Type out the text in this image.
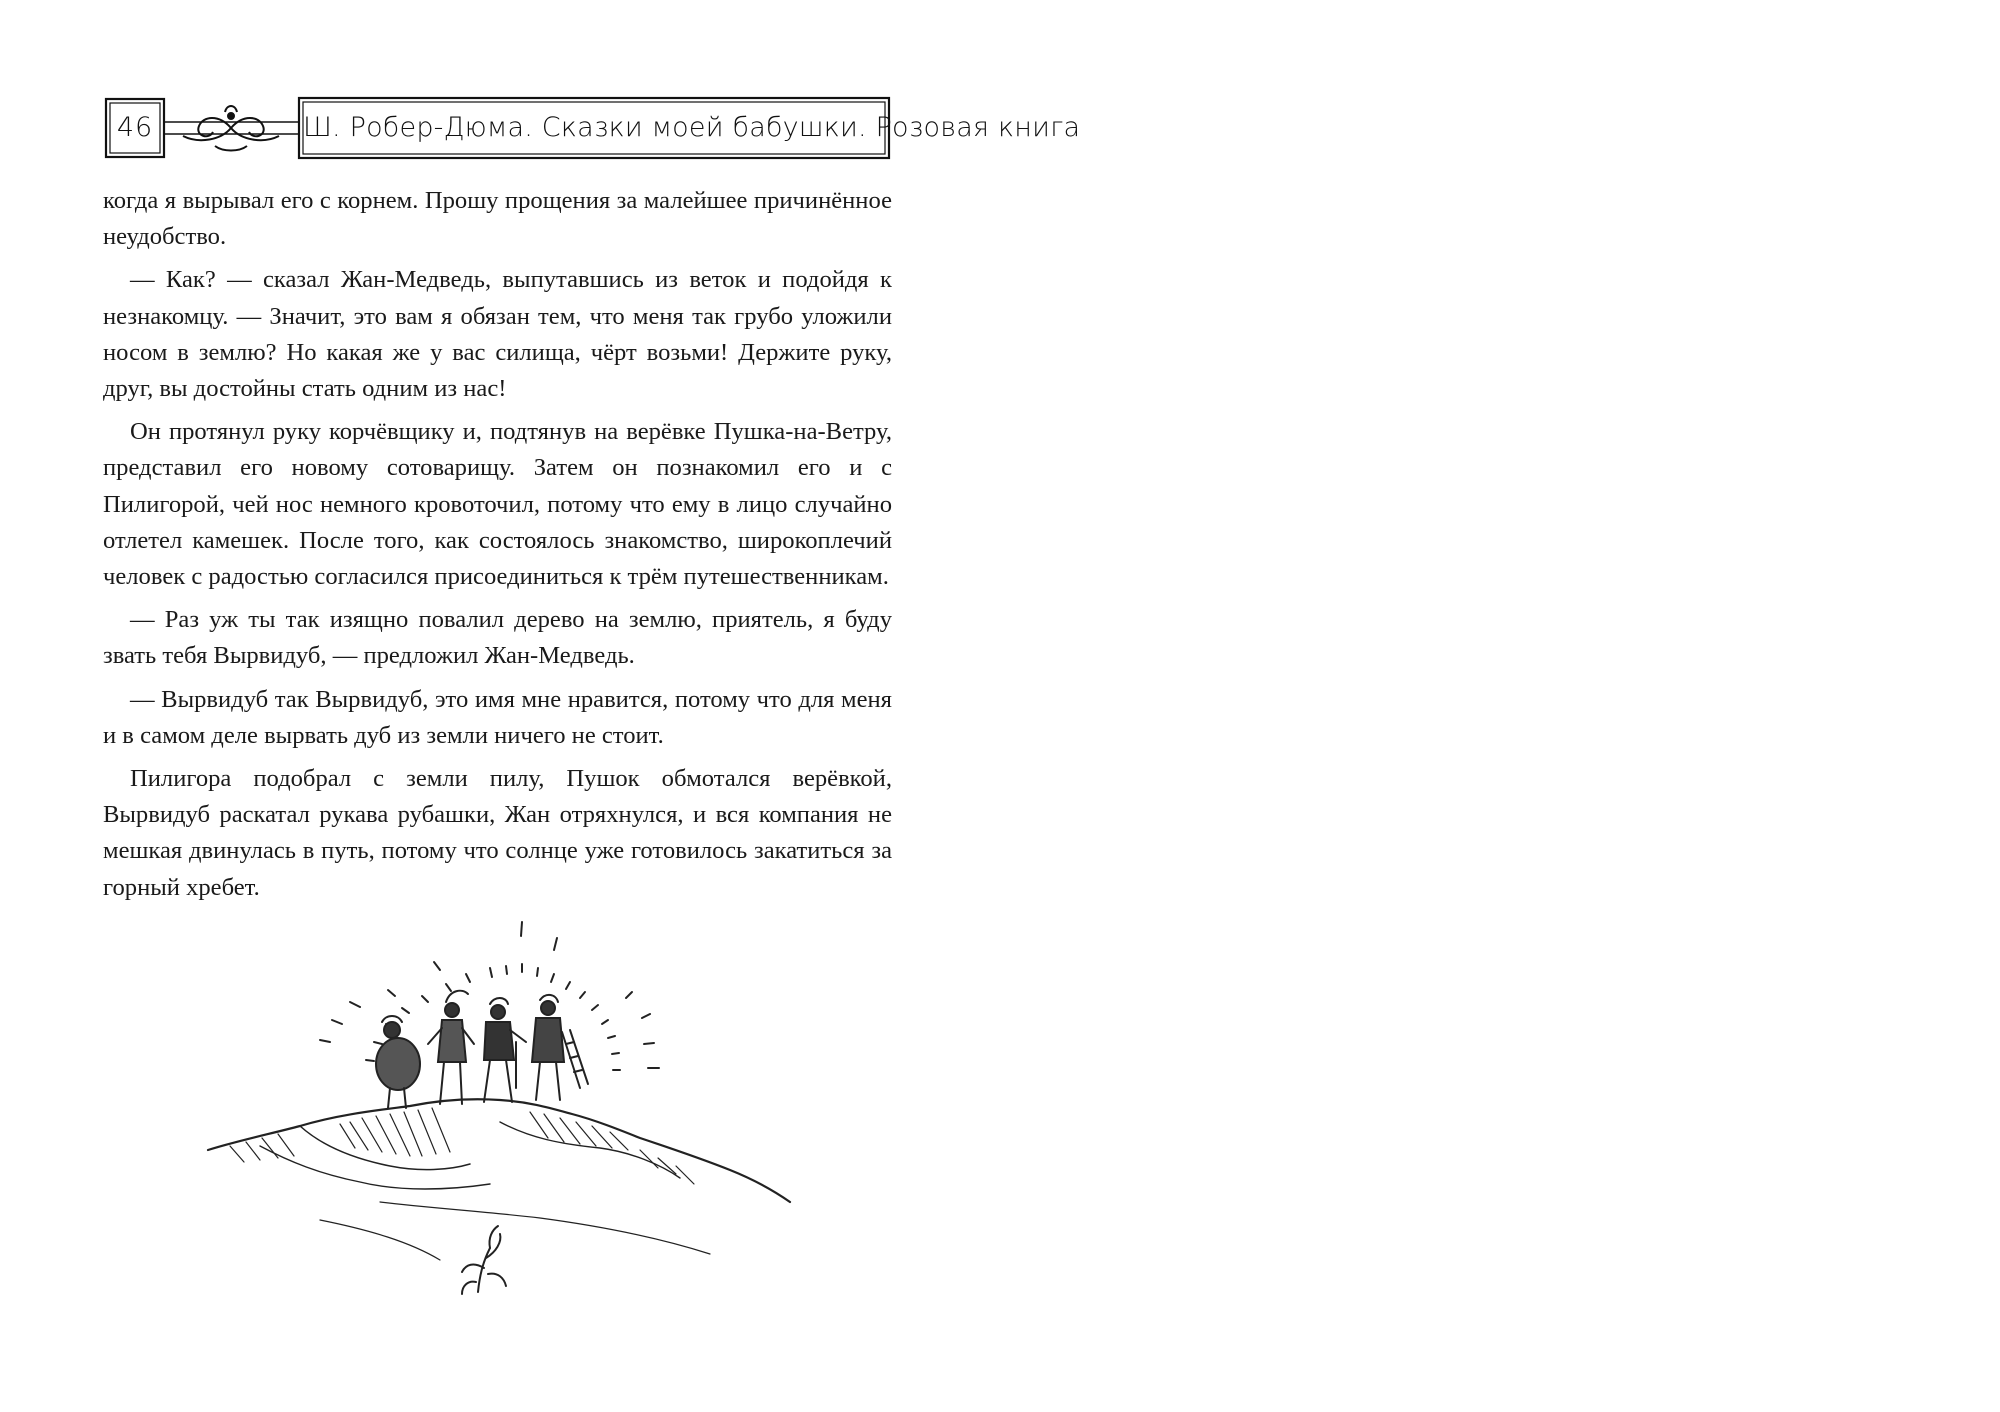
46	Ш. Робер-Дюма. Сказки моей бабушки. Розовая книга

когда я вырывал его с корнем. Прошу прощения за малейшее причинённое неудобство.

— Как? — сказал Жан-Медведь, выпутавшись из веток и подойдя к незнакомцу. — Значит, это вам я обязан тем, что меня так грубо уложили носом в землю? Но какая же у вас силища, чёрт возьми! Держите руку, друг, вы достойны стать одним из нас!

Он протянул руку корчёвщику и, подтянув на верёвке Пушка-на-Ветру, представил его новому сотоварищу. Затем он познакомил его и с Пилигорой, чей нос немного кровоточил, потому что ему в лицо случайно отлетел камешек. После того, как состоялось знакомство, широкоплечий человек с радостью согласился присоединиться к трём путешественникам.

— Раз уж ты так изящно повалил дерево на землю, приятель, я буду звать тебя Вырвидуб, — предложил Жан-Медведь.

— Вырвидуб так Вырвидуб, это имя мне нравится, потому что для меня и в самом деле вырвать дуб из земли ничего не стоит.

Пилигора подобрал с земли пилу, Пушок обмотался верёвкой, Вырвидуб раскатал рукава рубашки, Жан отряхнулся, и вся компания не мешкая двинулась в путь, потому что солнце уже готовилось закатиться за горный хребет.
